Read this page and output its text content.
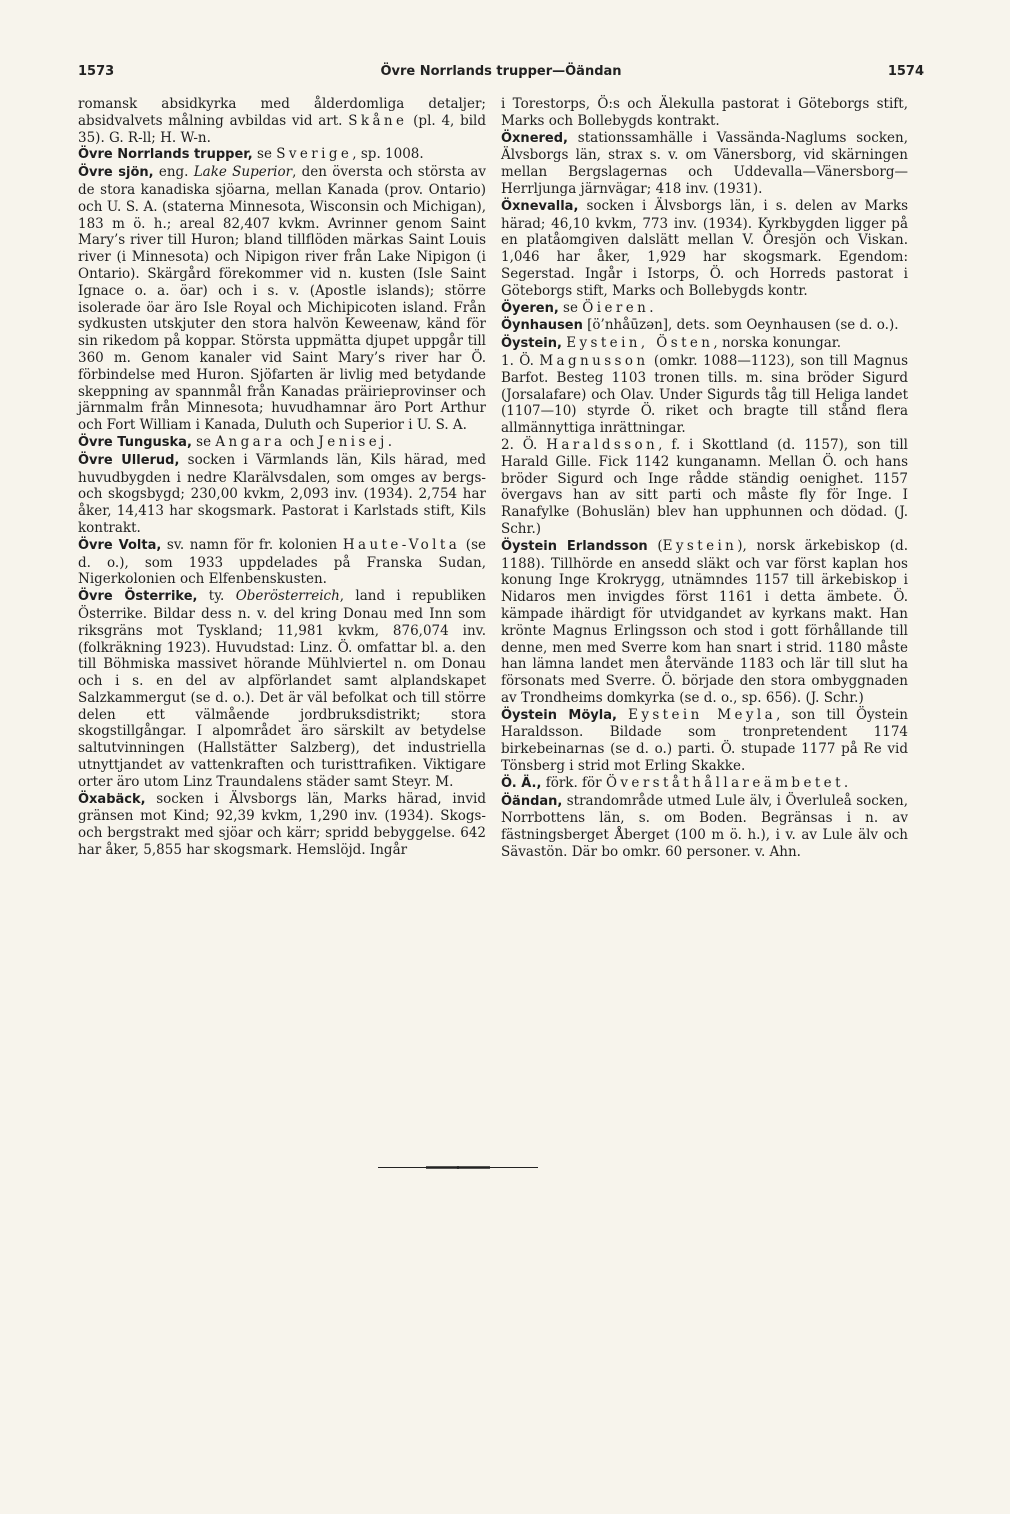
1573	Övre Norrlands trupper—Öändan	1574

romansk absidkyrka med ålderdomliga detaljer; absidvalvets målning avbildas vid art. Skåne (pl. 4, bild 35). G. R-ll; H. W-n.

Övre Norrlands trupper, se Sverige, sp. 1008.

Övre sjön, eng. Lake Superior, den översta och största av de stora kanadiska sjöarna, mellan Kanada (prov. Ontario) och U. S. A. (staterna Minnesota, Wisconsin och Michigan), 183 m ö. h.; areal 82,407 kvkm. Avrinner genom Saint Mary’s river till Huron; bland tillflöden märkas Saint Louis river (i Minnesota) och Nipigon river från Lake Nipigon (i Ontario). Skärgård förekommer vid n. kusten (Isle Saint Ignace o. a. öar) och i s. v. (Apostle islands); större isolerade öar äro Isle Royal och Michipicoten island. Från sydkusten utskjuter den stora halvön Keweenaw, känd för sin rikedom på koppar. Största uppmätta djupet uppgår till 360 m. Genom kanaler vid Saint Mary’s river har Ö. förbindelse med Huron. Sjöfarten är livlig med betydande skeppning av spannmål från Kanadas präirieprovinser och järnmalm från Minnesota; huvudhamnar äro Port Arthur och Fort William i Kanada, Duluth och Superior i U. S. A.

Övre Tunguska, se Angara och Jenisej.

Övre Ullerud, socken i Värmlands län, Kils härad, med huvudbygden i nedre Klarälvsdalen, som omges av bergs- och skogsbygd; 230,00 kvkm, 2,093 inv. (1934). 2,754 har åker, 14,413 har skogsmark. Pastorat i Karlstads stift, Kils kontrakt.

Övre Volta, sv. namn för fr. kolonien Haute-Volta (se d. o.), som 1933 uppdelades på Franska Sudan, Nigerkolonien och Elfenbenskusten.

Övre Österrike, ty. Oberösterreich, land i republiken Österrike. Bildar dess n. v. del kring Donau med Inn som riksgräns mot Tyskland; 11,981 kvkm, 876,074 inv. (folkräkning 1923). Huvudstad: Linz. Ö. omfattar bl. a. den till Böhmiska massivet hörande Mühlviertel n. om Donau och i s. en del av alpförlandet samt alplandskapet Salzkammergut (se d. o.). Det är väl befolkat och till större delen ett välmående jordbruksdistrikt; stora skogstillgångar. I alpområdet äro särskilt av betydelse saltutvinningen (Hallstätter Salzberg), det industriella utnyttjandet av vattenkraften och turisttrafiken. Viktigare orter äro utom Linz Traundalens städer samt Steyr. M.

Öxabäck, socken i Älvsborgs län, Marks härad, invid gränsen mot Kind; 92,39 kvkm, 1,290 inv. (1934). Skogs- och bergstrakt med sjöar och kärr; spridd bebyggelse. 642 har åker, 5,855 har skogsmark. Hemslöjd. Ingår

i Torestorps, Ö:s och Älekulla pastorat i Göteborgs stift, Marks och Bollebygds kontrakt.

Öxnered, stationssamhälle i Vassända-Naglums socken, Älvsborgs län, strax s. v. om Vänersborg, vid skärningen mellan Bergslagernas och Uddevalla—Vänersborg—Herrljunga järnvägar; 418 inv. (1931).

Öxnevalla, socken i Älvsborgs län, i s. delen av Marks härad; 46,10 kvkm, 773 inv. (1934). Kyrkbygden ligger på en platåomgiven dalslätt mellan V. Öresjön och Viskan. 1,046 har åker, 1,929 har skogsmark. Egendom: Segerstad. Ingår i Istorps, Ö. och Horreds pastorat i Göteborgs stift, Marks och Bollebygds kontr.

Öyeren, se Öieren.

Öynhausen [ö’nhåūzən], dets. som Oeynhausen (se d. o.).

Öystein, Eystein, Östen, norska konungar.

1. Ö. Magnusson (omkr. 1088—1123), son till Magnus Barfot. Besteg 1103 tronen tills. m. sina bröder Sigurd (Jorsalafare) och Olav. Under Sigurds tåg till Heliga landet (1107—10) styrde Ö. riket och bragte till stånd flera allmännyttiga inrättningar.

2. Ö. Haraldsson, f. i Skottland (d. 1157), son till Harald Gille. Fick 1142 kunganamn. Mellan Ö. och hans bröder Sigurd och Inge rådde ständig oenighet. 1157 övergavs han av sitt parti och måste fly för Inge. I Ranafylke (Bohuslän) blev han upphunnen och dödad. (J. Schr.)

Öystein Erlandsson (Eystein), norsk ärkebiskop (d. 1188). Tillhörde en ansedd släkt och var först kaplan hos konung Inge Krokrygg, utnämndes 1157 till ärkebiskop i Nidaros men invigdes först 1161 i detta ämbete. Ö. kämpade ihärdigt för utvidgandet av kyrkans makt. Han krönte Magnus Erlingsson och stod i gott förhållande till denne, men med Sverre kom han snart i strid. 1180 måste han lämna landet men återvände 1183 och lär till slut ha försonats med Sverre. Ö. började den stora ombyggnaden av Trondheims domkyrka (se d. o., sp. 656). (J. Schr.)

Öystein Möyla, Eystein Meyla, son till Öystein Haraldsson. Bildade som tronpretendent 1174 birkebeinarnas (se d. o.) parti. Ö. stupade 1177 på Re vid Tönsberg i strid mot Erling Skakke.

Ö. Ä., förk. för Överståthållareämbetet.

Öändan, strandområde utmed Lule älv, i Överluleå socken, Norrbottens län, s. om Boden. Begränsas i n. av fästningsberget Åberget (100 m ö. h.), i v. av Lule älv och Sävastön. Där bo omkr. 60 personer. v. Ahn.
